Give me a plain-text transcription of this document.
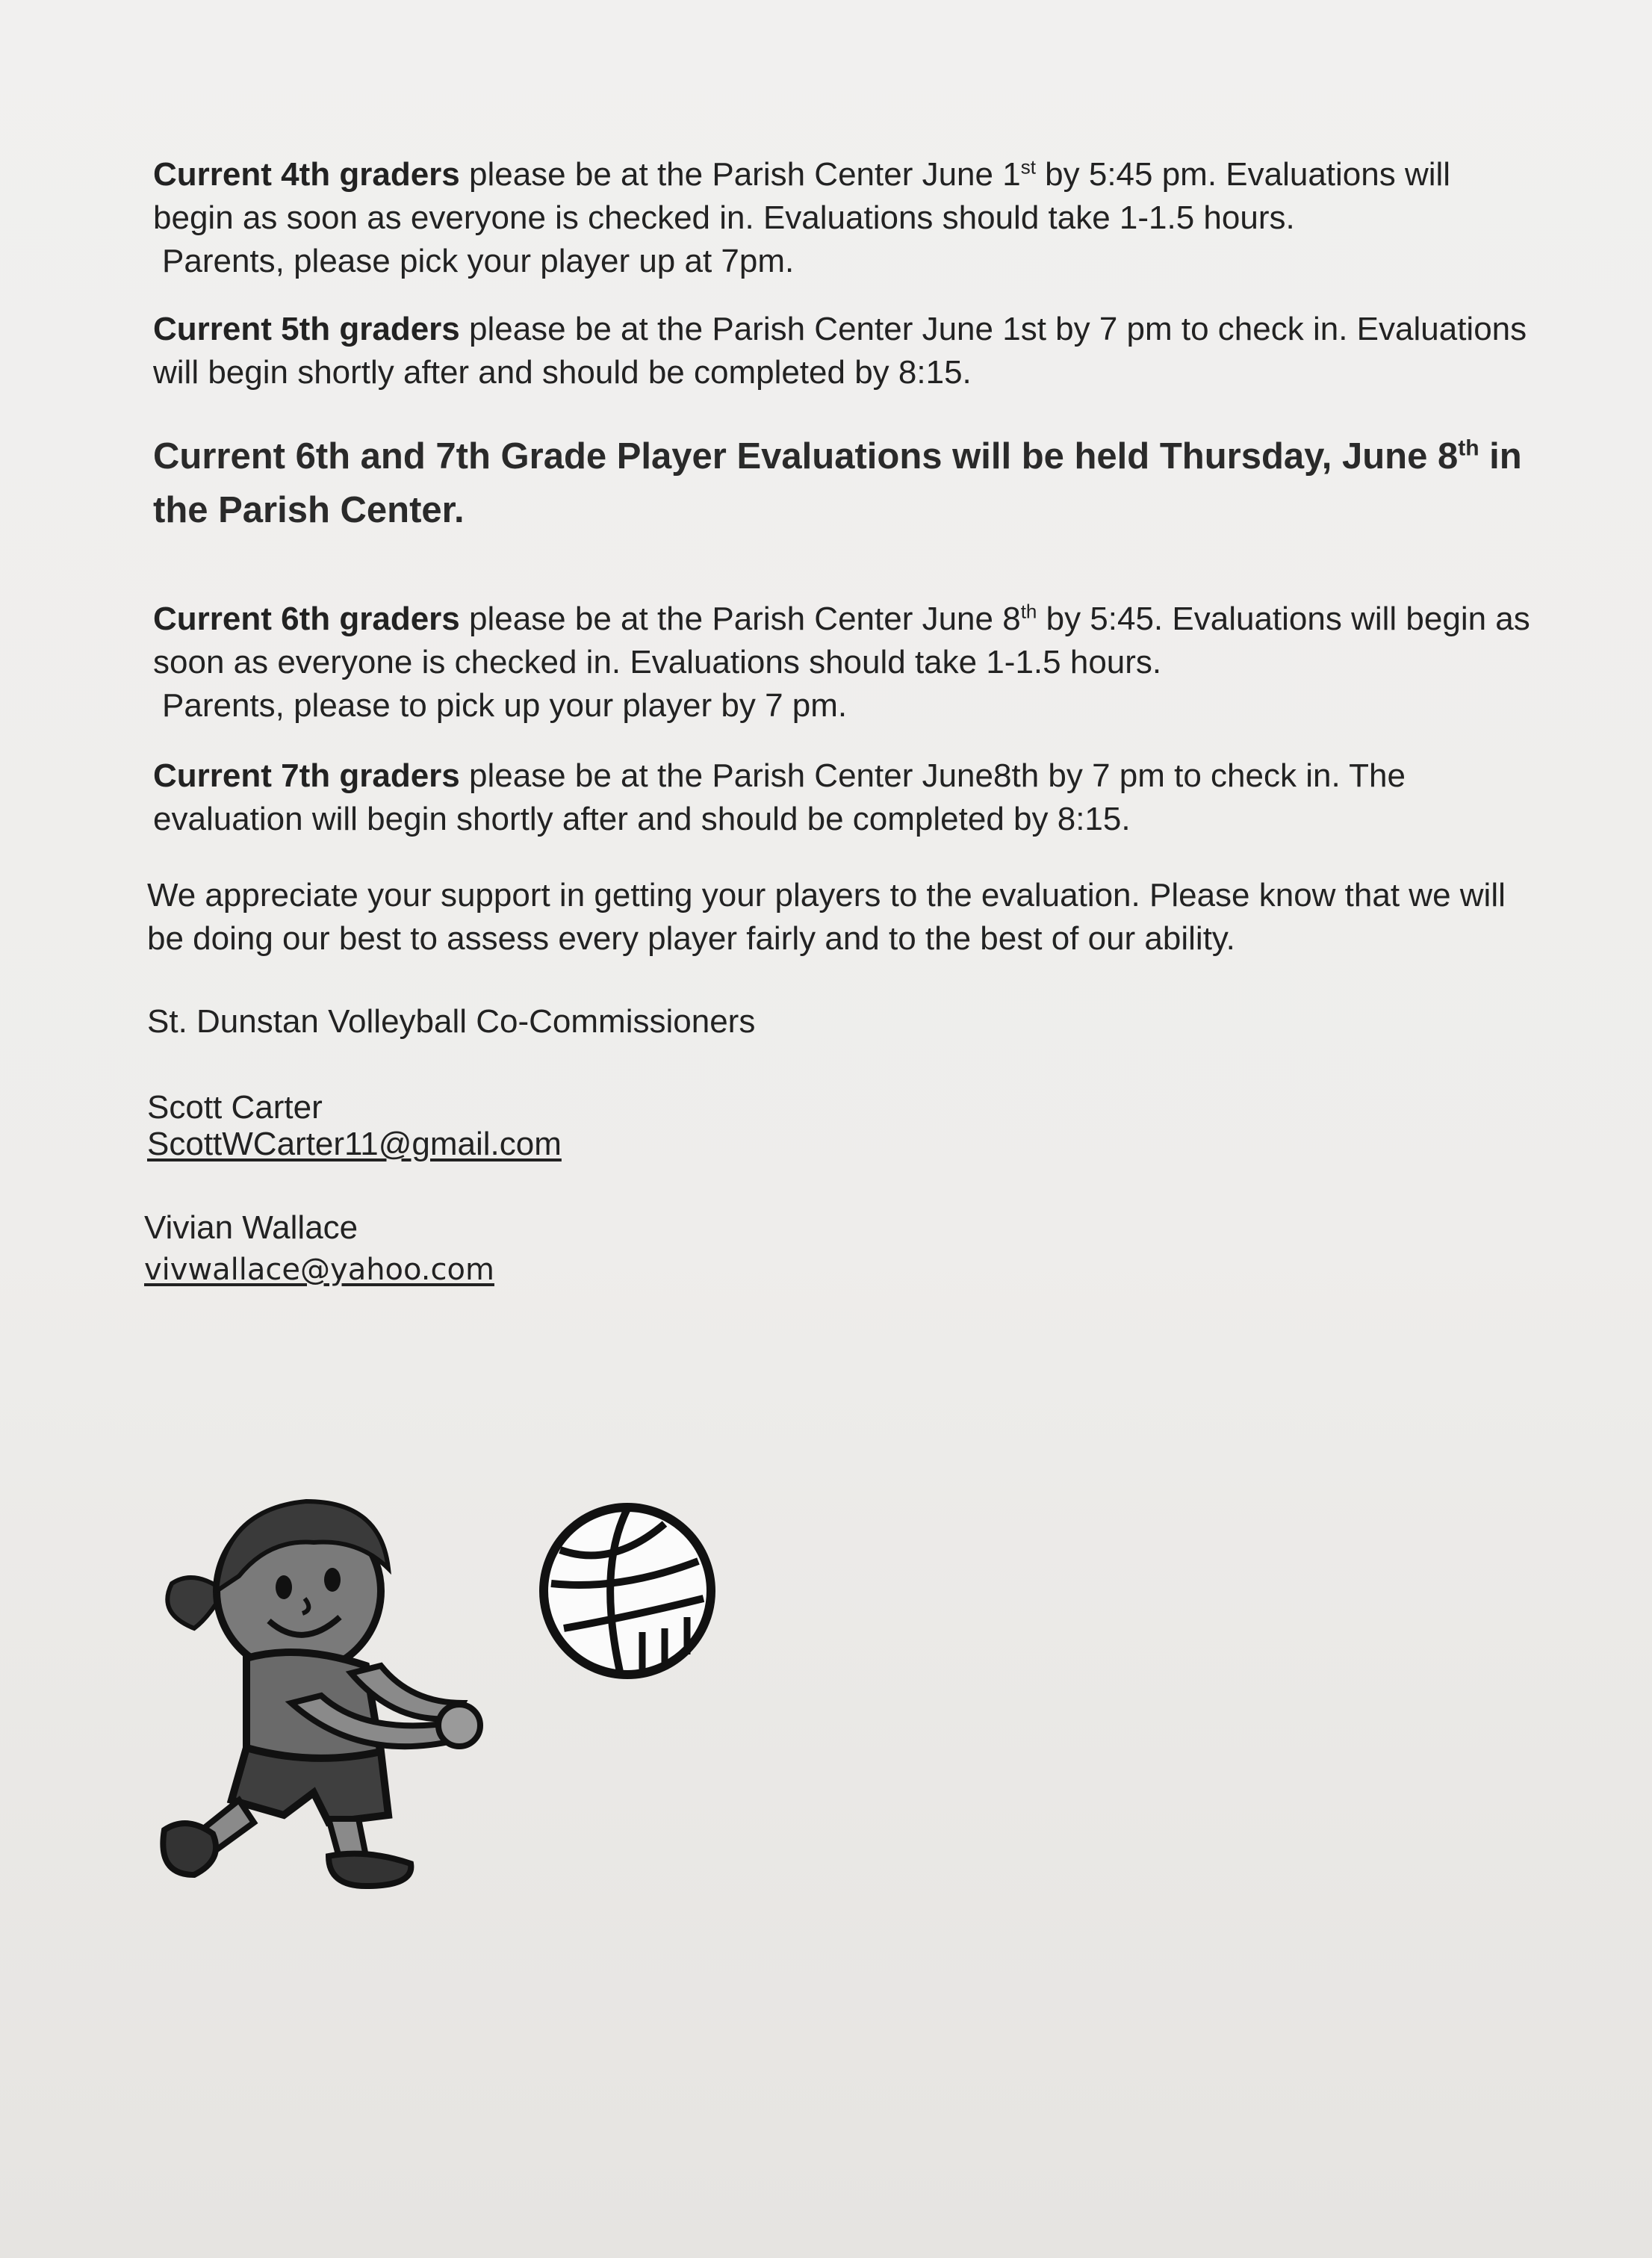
Current 4th graders please be at the Parish Center June 1st by 5:45 pm. Evaluations will begin as soon as everyone is checked in. Evaluations should take 1-1.5 hours.
Parents, please pick your player up at 7pm.

Current 5th graders please be at the Parish Center June 1st by 7 pm to check in. Evaluations will begin shortly after and should be completed by 8:15.

Current 6th and 7th Grade Player Evaluations will be held Thursday, June 8th in the Parish Center.

Current 6th graders please be at the Parish Center June 8th by 5:45. Evaluations will begin as soon as everyone is checked in. Evaluations should take 1-1.5 hours.
Parents, please to pick up your player by 7 pm.

Current 7th graders please be at the Parish Center June8th by 7 pm to check in. The evaluation will begin shortly after and should be completed by 8:15.

We appreciate your support in getting your players to the evaluation. Please know that we will be doing our best to assess every player fairly and to the best of our ability.

St. Dunstan Volleyball Co-Commissioners

Scott Carter

ScottWCarter11@gmail.com

Vivian Wallace

vivwallace@yahoo.com
